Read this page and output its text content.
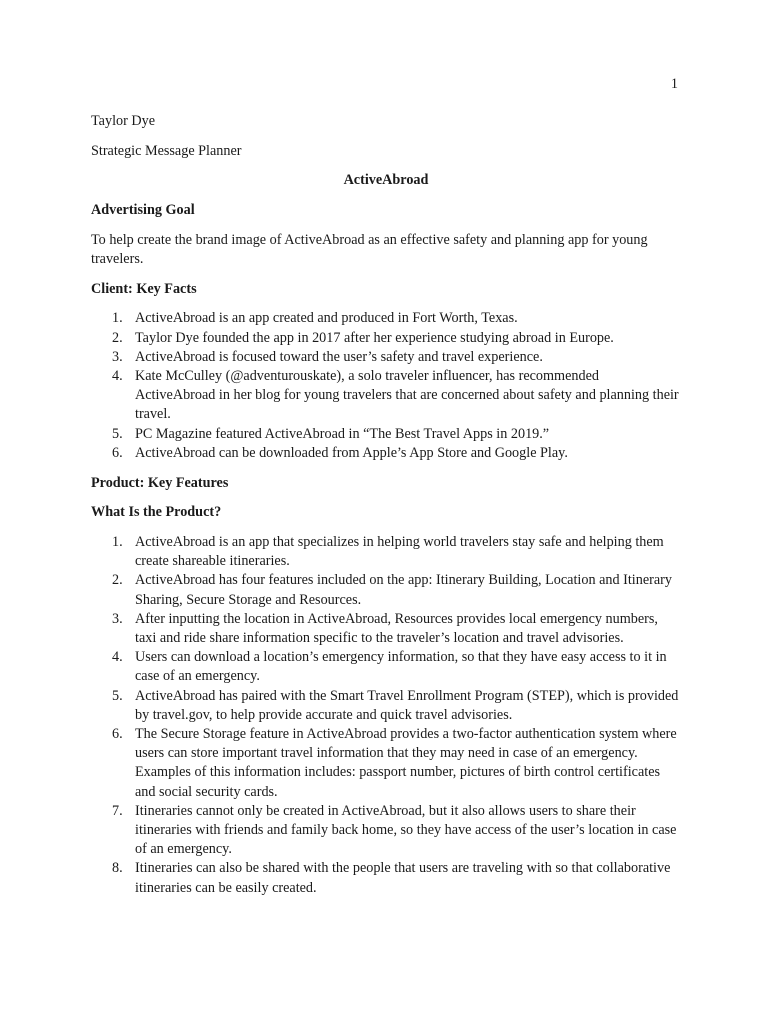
1

Taylor Dye

Strategic Message Planner

ActiveAbroad

Advertising Goal

To help create the brand image of ActiveAbroad as an effective safety and planning app for young travelers.

Client: Key Facts

1. ActiveAbroad is an app created and produced in Fort Worth, Texas.
2. Taylor Dye founded the app in 2017 after her experience studying abroad in Europe.
3. ActiveAbroad is focused toward the user’s safety and travel experience.
4. Kate McCulley (@adventurouskate), a solo traveler influencer, has recommended ActiveAbroad in her blog for young travelers that are concerned about safety and planning their travel.
5. PC Magazine featured ActiveAbroad in “The Best Travel Apps in 2019.”
6. ActiveAbroad can be downloaded from Apple’s App Store and Google Play.

Product: Key Features

What Is the Product?

1. ActiveAbroad is an app that specializes in helping world travelers stay safe and helping them create shareable itineraries.
2. ActiveAbroad has four features included on the app: Itinerary Building, Location and Itinerary Sharing, Secure Storage and Resources.
3. After inputting the location in ActiveAbroad, Resources provides local emergency numbers, taxi and ride share information specific to the traveler’s location and travel advisories.
4. Users can download a location’s emergency information, so that they have easy access to it in case of an emergency.
5. ActiveAbroad has paired with the Smart Travel Enrollment Program (STEP), which is provided by travel.gov, to help provide accurate and quick travel advisories.
6. The Secure Storage feature in ActiveAbroad provides a two-factor authentication system where users can store important travel information that they may need in case of an emergency. Examples of this information includes: passport number, pictures of birth control certificates and social security cards.
7. Itineraries cannot only be created in ActiveAbroad, but it also allows users to share their itineraries with friends and family back home, so they have access of the user’s location in case of an emergency.
8. Itineraries can also be shared with the people that users are traveling with so that collaborative itineraries can be easily created.
